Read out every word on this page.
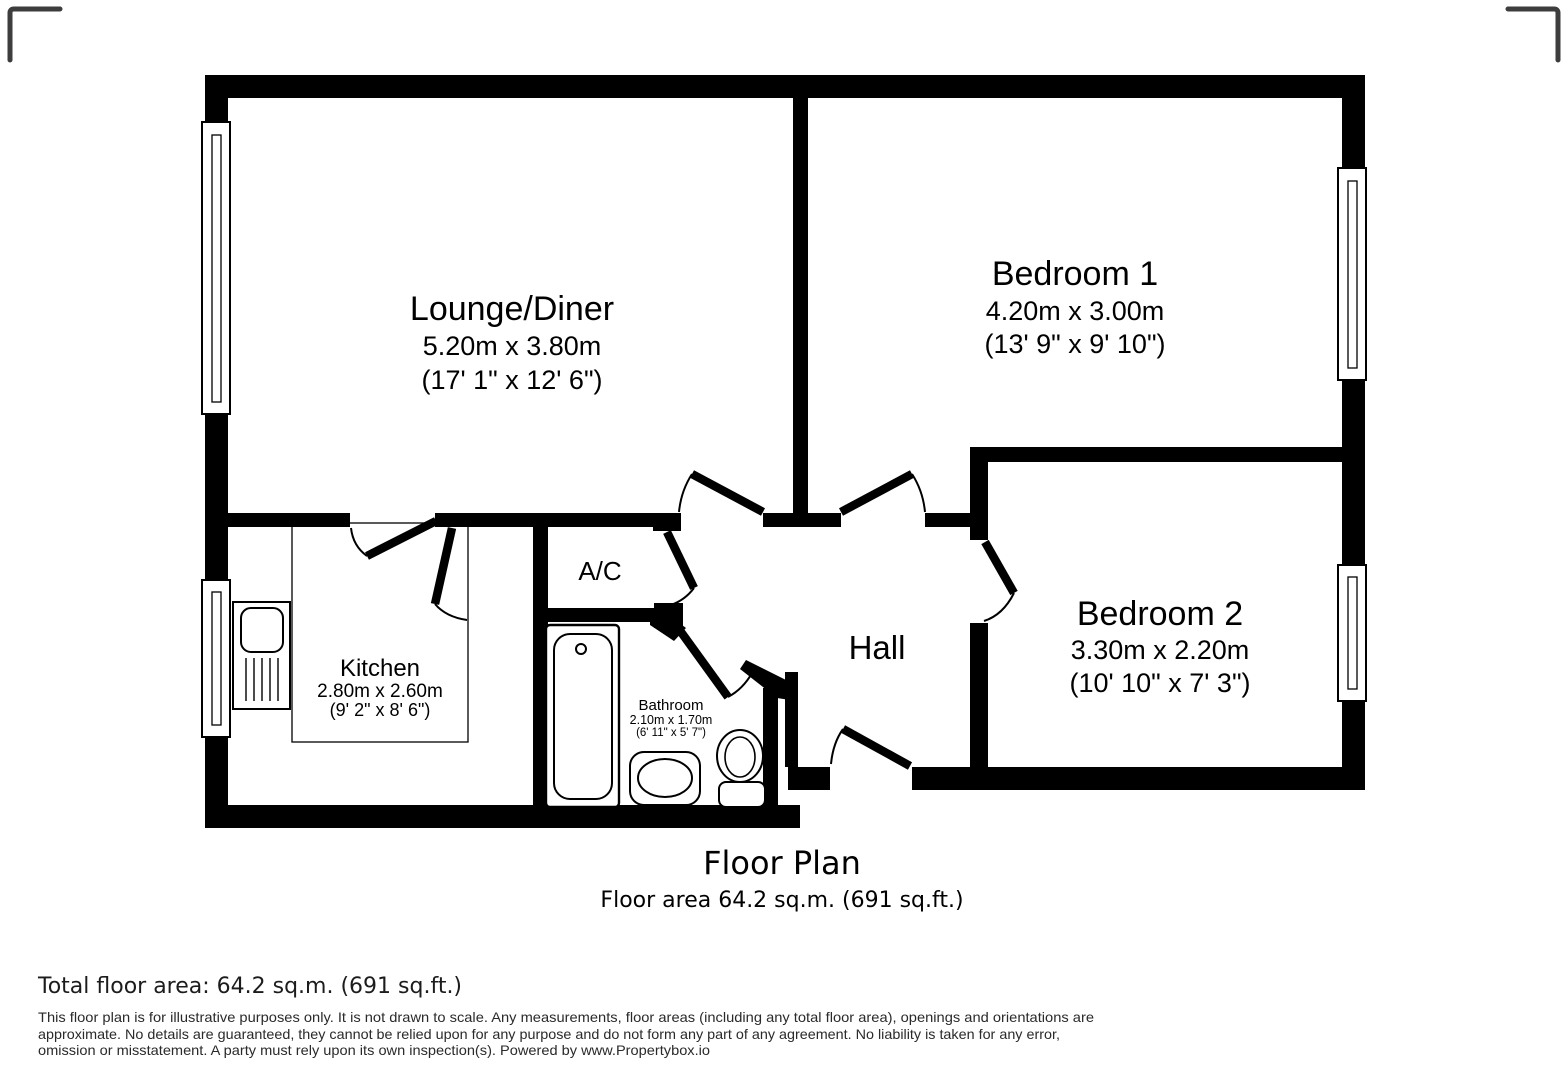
Lounge/Diner
5.20m x 3.80m
(17' 1" x 12' 6")
Bedroom 1
4.20m x 3.00m
(13' 9" x 9' 10")
Bedroom 2
3.30m x 2.20m
(10' 10" x 7' 3")
Kitchen
2.80m x 2.60m
(9' 2" x 8' 6")	Bathroom
2.10m x 1.70m
(6' 11" x 5' 7")
Hall
A/C
Floor Plan
Floor area 64.2 sq.m. (691 sq.ft.)
Total floor area: 64.2 sq.m. (691 sq.ft.)
This floor plan is for illustrative purposes only. It is not drawn to scale. Any measurements, floor areas (including any total floor area), openings and orientations are
approximate. No details are guaranteed, they cannot be relied upon for any purpose and do not form any part of any agreement. No liability is taken for any error,
omission or misstatement. A party must rely upon its own inspection(s). Powered by www.Propertybox.io
